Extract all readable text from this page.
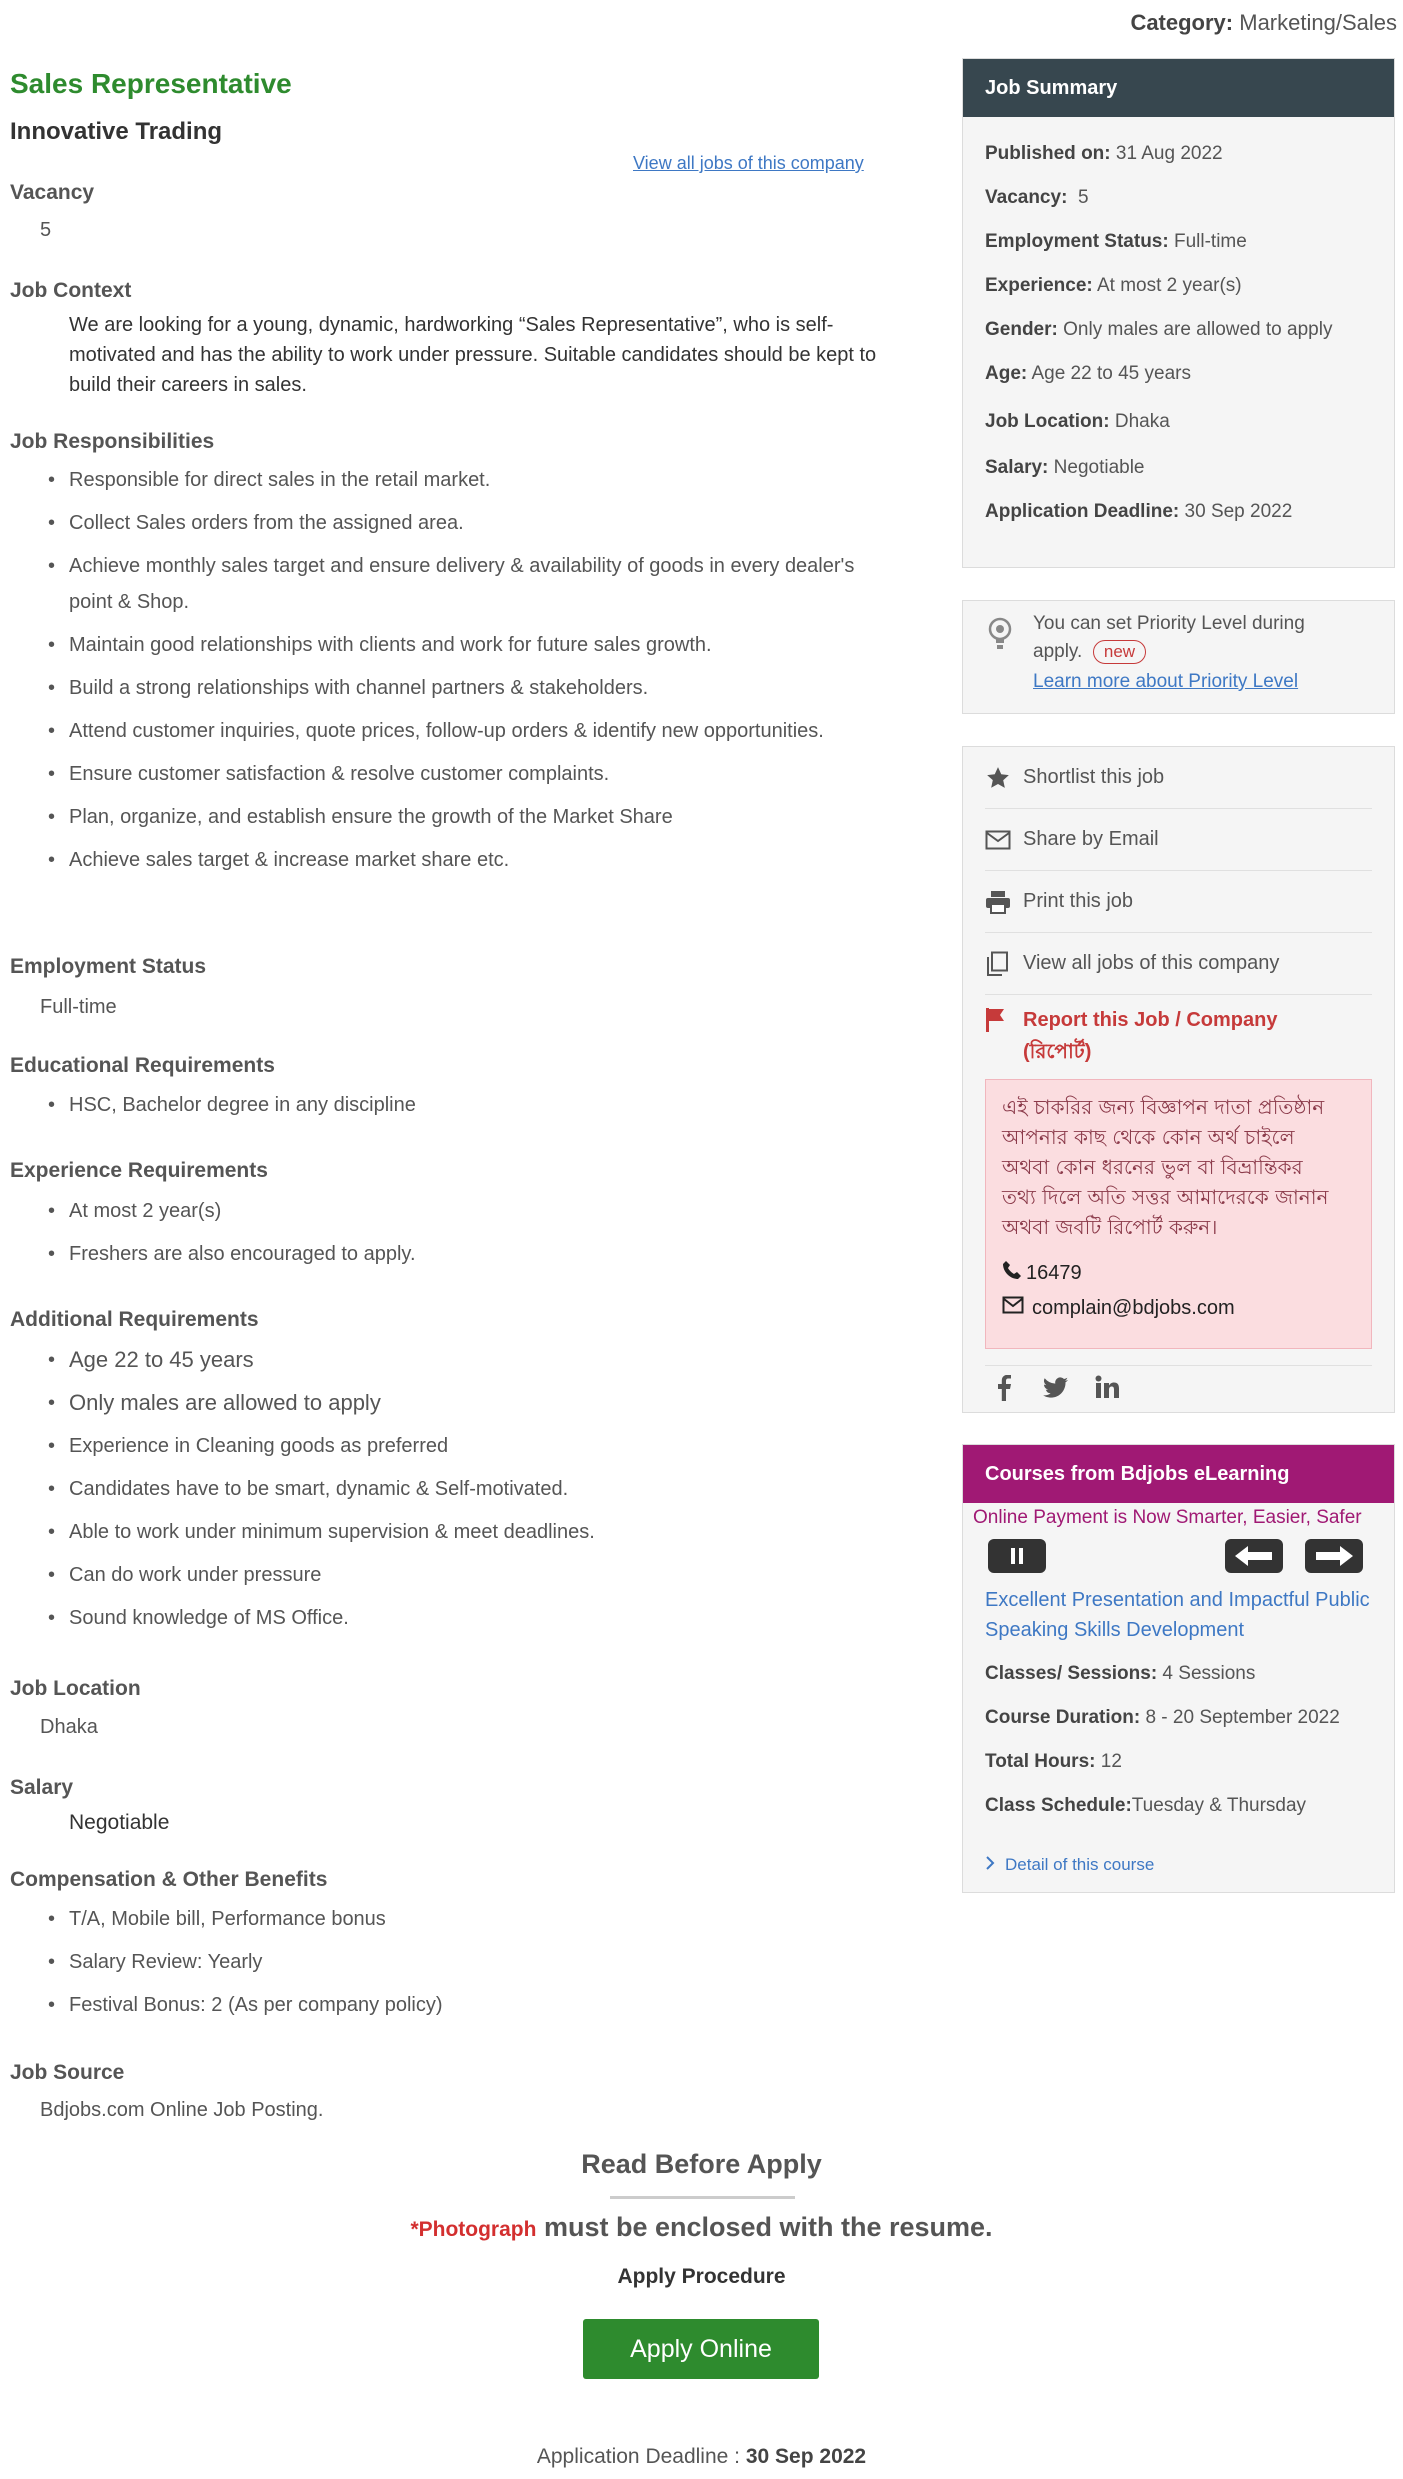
Category: Marketing/Sales
Sales Representative
Innovative Trading
View all jobs of this company
Vacancy
5
Job Context
We are looking for a young, dynamic, hardworking “Sales Representative”, who is self-motivated and has the ability to work under pressure. Suitable candidates should be kept to build their careers in sales.
Job Responsibilities
• Responsible for direct sales in the retail market.
• Collect Sales orders from the assigned area.
• Achieve monthly sales target and ensure delivery & availability of goods in every dealer's point & Shop.
• Maintain good relationships with clients and work for future sales growth.
• Build a strong relationships with channel partners & stakeholders.
• Attend customer inquiries, quote prices, follow-up orders & identify new opportunities.
• Ensure customer satisfaction & resolve customer complaints.
• Plan, organize, and establish ensure the growth of the Market Share
• Achieve sales target & increase market share etc.
Employment Status
Full-time
Educational Requirements
• HSC, Bachelor degree in any discipline
Experience Requirements
• At most 2 year(s)
• Freshers are also encouraged to apply.
Additional Requirements
• Age 22 to 45 years
• Only males are allowed to apply
• Experience in Cleaning goods as preferred
• Candidates have to be smart, dynamic & Self-motivated.
• Able to work under minimum supervision & meet deadlines.
• Can do work under pressure
• Sound knowledge of MS Office.
Job Location
Dhaka
Salary
Negotiable
Compensation & Other Benefits
• T/A, Mobile bill, Performance bonus
• Salary Review: Yearly
• Festival Bonus: 2 (As per company policy)
Job Source
Bdjobs.com Online Job Posting.
Job Summary
Published on: 31 Aug 2022
Vacancy: 5
Employment Status: Full-time
Experience: At most 2 year(s)
Gender: Only males are allowed to apply
Age: Age 22 to 45 years
Job Location: Dhaka
Salary: Negotiable
Application Deadline: 30 Sep 2022
You can set Priority Level during
apply. new
Learn more about Priority Level
Shortlist this job
Share by Email
Print this job
View all jobs of this company
Report this Job / Company
(রিপোর্ট)
এই চাকরির জন্য বিজ্ঞাপন দাতা প্রতিষ্ঠান
আপনার কাছ থেকে কোন অর্থ চাইলে
অথবা কোন ধরনের ভুল বা বিভ্রান্তিকর
তথ্য দিলে অতি সত্তর আমাদেরকে জানান
অথবা জবটি রিপোর্ট করুন।
16479
complain@bdjobs.com
Courses from Bdjobs eLearning
Online Payment is Now Smarter, Easier, Safer
Excellent Presentation and Impactful Public Speaking Skills Development
Classes/ Sessions: 4 Sessions
Course Duration: 8 - 20 September 2022
Total Hours: 12
Class Schedule:Tuesday & Thursday
Detail of this course
Read Before Apply
*Photograph must be enclosed with the resume.
Apply Procedure
Apply Online
Application Deadline : 30 Sep 2022
